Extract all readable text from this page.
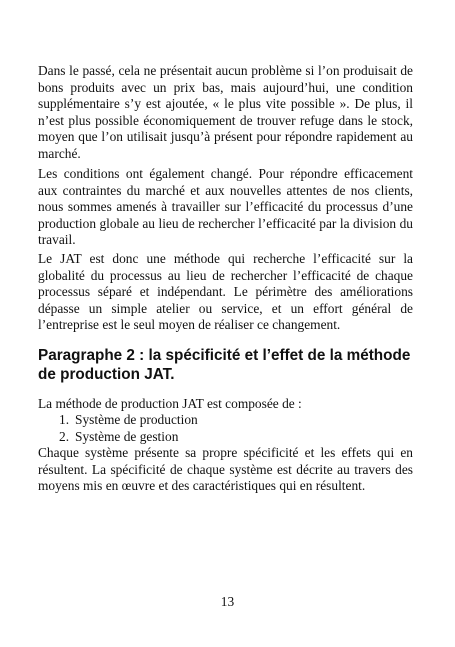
Dans le passé, cela ne présentait aucun problème si l’on produisait de bons produits avec un prix bas, mais aujourd’hui, une condition supplémentaire s’y est ajoutée, « le plus vite possible ». De plus, il n’est plus possible économiquement de trouver refuge dans le stock, moyen que l’on utilisait jusqu’à présent pour répondre rapidement au marché.

Les conditions ont également changé. Pour répondre efficacement aux contraintes du marché et aux nouvelles attentes de nos clients, nous sommes amenés à travailler sur l’efficacité du processus d’une production globale au lieu de rechercher l’efficacité par la division du travail.

Le JAT est donc une méthode qui recherche l’efficacité sur la globalité du processus au lieu de rechercher l’efficacité de chaque processus séparé et indépendant. Le périmètre des améliorations dépasse un simple atelier ou service, et un effort général de l’entreprise est le seul moyen de réaliser ce changement.

Paragraphe 2 : la spécificité et l’effet de la méthode de production JAT.

La méthode de production JAT est composée de :

1. Système de production
2. Système de gestion

Chaque système présente sa propre spécificité et les effets qui en résultent. La spécificité de chaque système est décrite au travers des moyens mis en œuvre et des caractéristiques qui en résultent.

13
